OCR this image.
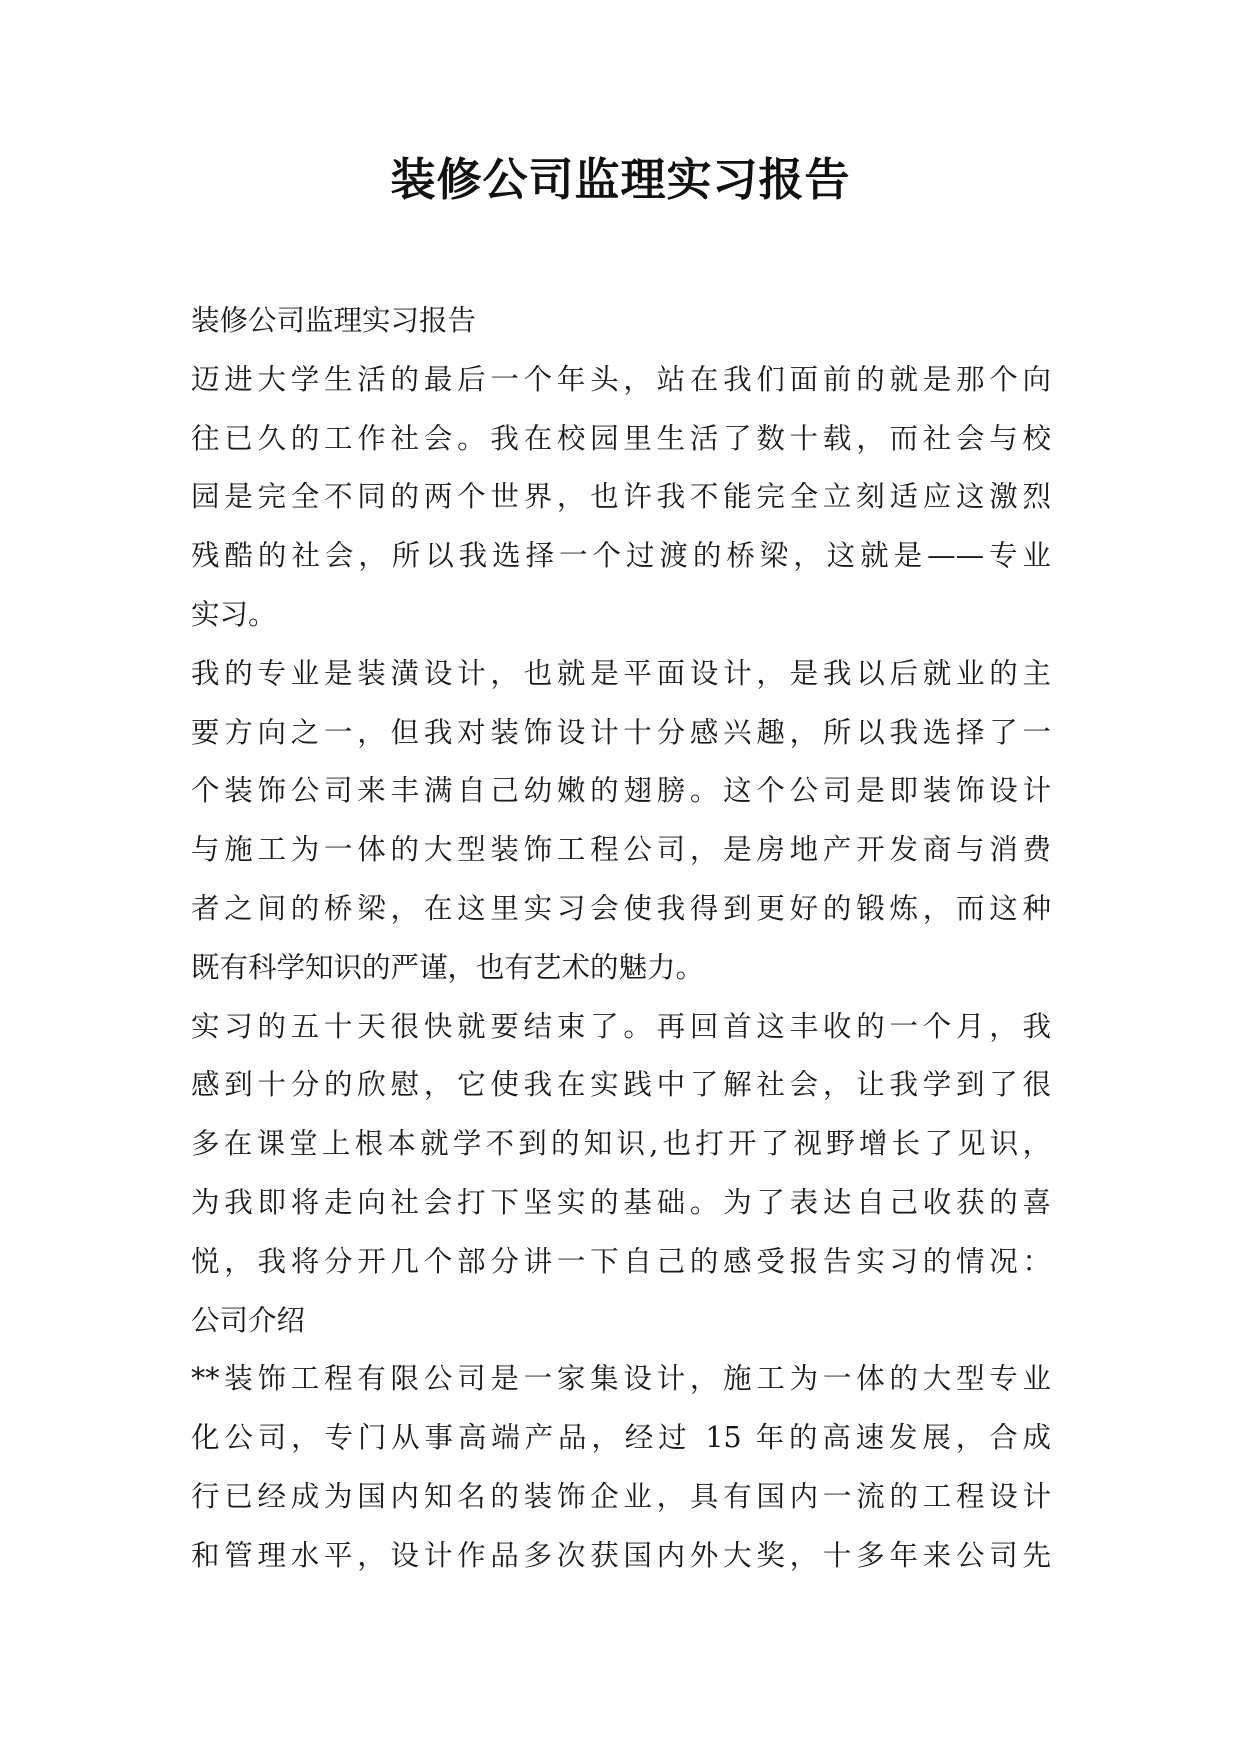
装修公司监理实习报告
装修公司监理实习报告
迈进大学生活的最后一个年头，站在我们面前的就是那个向
往已久的工作社会。我在校园里生活了数十载，而社会与校
园是完全不同的两个世界，也许我不能完全立刻适应这激烈
残酷的社会，所以我选择一个过渡的桥梁，这就是——专业
实习。
我的专业是装潢设计，也就是平面设计，是我以后就业的主
要方向之一，但我对装饰设计十分感兴趣，所以我选择了一
个装饰公司来丰满自己幼嫩的翅膀。这个公司是即装饰设计
与施工为一体的大型装饰工程公司，是房地产开发商与消费
者之间的桥梁，在这里实习会使我得到更好的锻炼，而这种
既有科学知识的严谨，也有艺术的魅力。
实习的五十天很快就要结束了。再回首这丰收的一个月，我
感到十分的欣慰，它使我在实践中了解社会，让我学到了很
多在课堂上根本就学不到的知识,也打开了视野增长了见识，
为我即将走向社会打下坚实的基础。为了表达自己收获的喜
悦，我将分开几个部分讲一下自己的感受报告实习的情况：
公司介绍
**装饰工程有限公司是一家集设计，施工为一体的大型专业
化公司，专门从事高端产品，经过 15 年的高速发展，合成
行已经成为国内知名的装饰企业，具有国内一流的工程设计
和管理水平，设计作品多次获国内外大奖，十多年来公司先
